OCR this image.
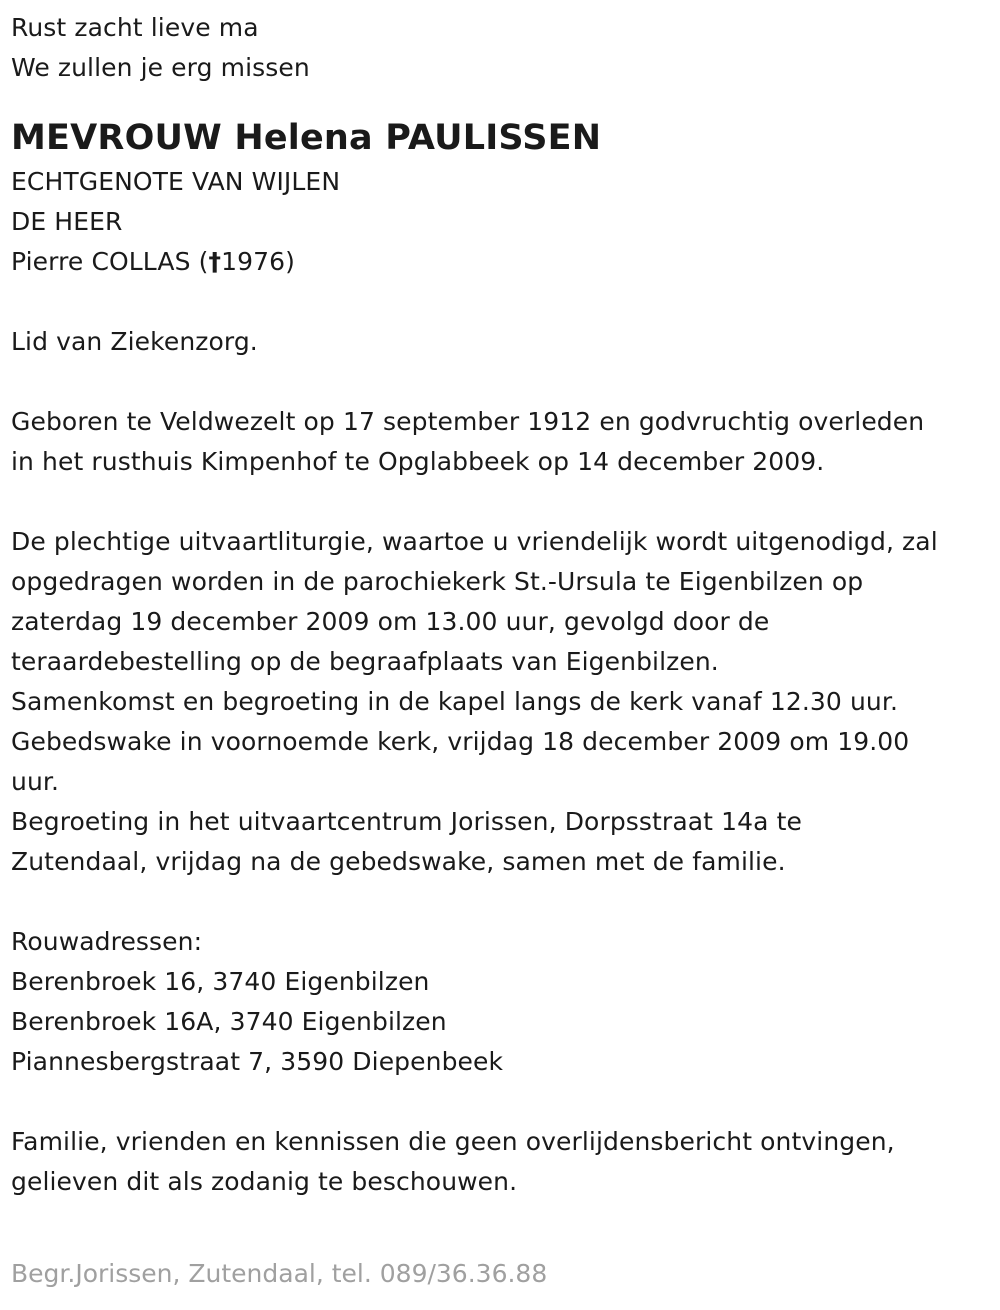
Rust zacht lieve ma
We zullen je erg missen
MEVROUW Helena PAULISSEN
ECHTGENOTE VAN WIJLEN
DE HEER
Pierre COLLAS (†1976)
Lid van Ziekenzorg.
Geboren te Veldwezelt op 17 september 1912 en godvruchtig overleden
in het rusthuis Kimpenhof te Opglabbeek op 14 december 2009.
De plechtige uitvaartliturgie, waartoe u vriendelijk wordt uitgenodigd, zal
opgedragen worden in de parochiekerk St.-Ursula te Eigenbilzen op
zaterdag 19 december 2009 om 13.00 uur, gevolgd door de
teraardebestelling op de begraafplaats van Eigenbilzen.
Samenkomst en begroeting in de kapel langs de kerk vanaf 12.30 uur.
Gebedswake in voornoemde kerk, vrijdag 18 december 2009 om 19.00
uur.
Begroeting in het uitvaartcentrum Jorissen, Dorpsstraat 14a te
Zutendaal, vrijdag na de gebedswake, samen met de familie.
Rouwadressen:
Berenbroek 16, 3740 Eigenbilzen
Berenbroek 16A, 3740 Eigenbilzen
Piannesbergstraat 7, 3590 Diepenbeek
Familie, vrienden en kennissen die geen overlijdensbericht ontvingen,
gelieven dit als zodanig te beschouwen.
Begr.Jorissen, Zutendaal, tel. 089/36.36.88
